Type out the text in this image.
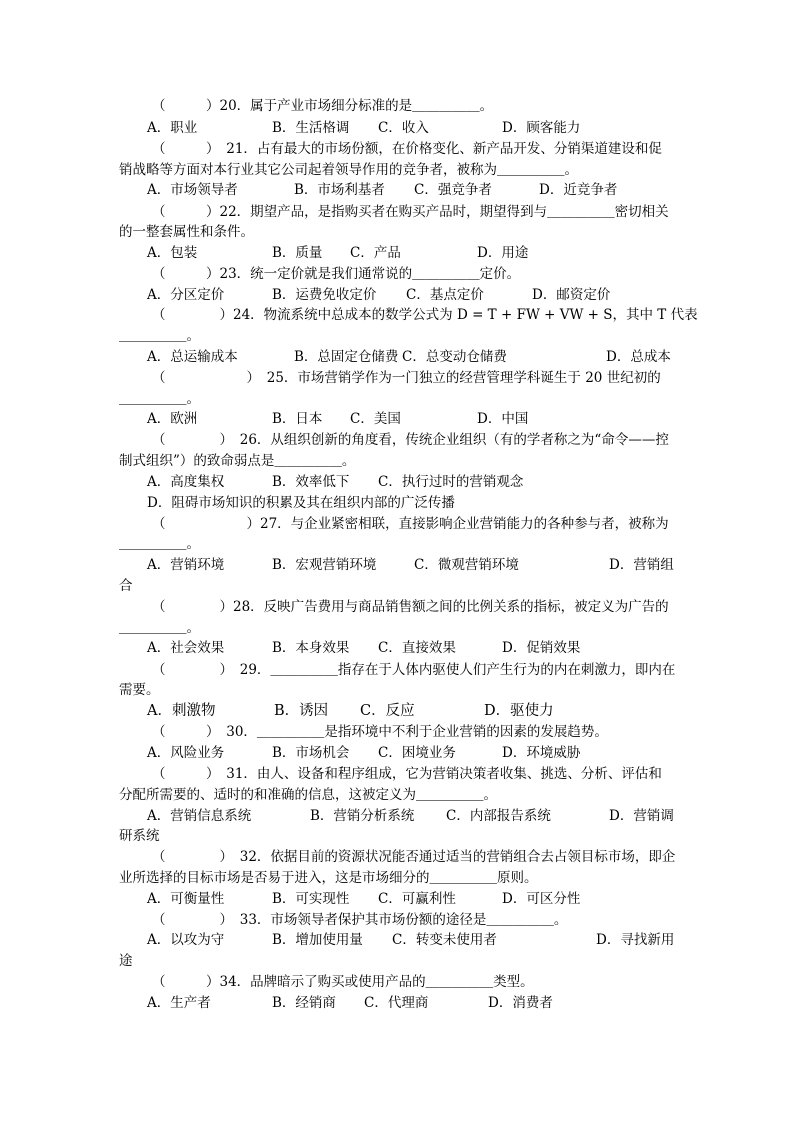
（　　　）20．属于产业市场细分标准的是＿＿＿＿＿。

A．职业

	B．生活格调

C．收入

	D．顾客能力

（　　　）　21．占有最大的市场份额，在价格变化、新产品开发、分销渠道建设和促
销战略等方面对本行业其它公司起着领导作用的竞争者，被称为＿＿＿＿＿。

A．市场领导者

	B．市场利基者

C．强竞争者

	D．近竞争者

（　　　）22．期望产品，是指购买者在购买产品时，期望得到与＿＿＿＿＿密切相关
的一整套属性和条件。

A．包装

	B．质量

C．产品

	D．用途

（　　　）23．统一定价就是我们通常说的＿＿＿＿＿定价。

A．分区定价

	B．运费免收定价

C．基点定价

	D．邮资定价

（　　　　）24．物流系统中总成本的数学公式为 D = T + FW + VW + S，其中 T 代表
＿＿＿＿＿。

A．总运输成本

	B．总固定仓储费

C．总变动仓储费

	D．总成本

（　　　　　　）　25．市场营销学作为一门独立的经营管理学科诞生于 20 世纪初的
＿＿＿＿＿。

A．欧洲

	B．日本

C．美国

	D．中国

（　　　　）　26．从组织创新的角度看，传统企业组织（有的学者称之为“命令——控
制式组织”）的致命弱点是＿＿＿＿＿。

A．高度集权

	B．效率低下

C．执行过时的营销观念

D．阻碍市场知识的积累及其在组织内部的广泛传播

（　　　　　　）27．与企业紧密相联，直接影响企业营销能力的各种参与者，被称为
＿＿＿＿＿。

A．营销环境

	B．宏观营销环境

	C．微观营销环境

	D．营销组

合

（　　　　）28．反映广告费用与商品销售额之间的比例关系的指标，被定义为广告的
＿＿＿＿＿。

A．社会效果

	B．本身效果

C．直接效果

	D．促销效果

（　　　　）　29．＿＿＿＿＿指存在于人体内驱使人们产生行为的内在刺激力，即内在
需要。

A．刺激物

	B．诱因

C．反应

	D．驱使力

（　　　）　30．＿＿＿＿＿是指环境中不利于企业营销的因素的发展趋势。

A．风险业务

	B．市场机会

C．困境业务

	D．环境威胁

（　　　）　31．由人、设备和程序组成，它为营销决策者收集、挑选、分析、评估和
分配所需要的、适时的和准确的信息，这被定义为＿＿＿＿＿。

A．营销信息系统

	B．营销分析系统

C．内部报告系统

	D．营销调

研系统

（　　　　）　32．依据目前的资源状况能否通过适当的营销组合去占领目标市场，即企
业所选择的目标市场是否易于进入，这是市场细分的＿＿＿＿＿原则。

A．可衡量性

	B．可实现性

C．可赢利性

	D．可区分性

（　　　　）　33．市场领导者保护其市场份额的途径是＿＿＿＿＿。

A．以攻为守

	B．增加使用量

C．转变未使用者

	D．寻找新用

途

（　　　）34．品牌暗示了购买或使用产品的＿＿＿＿＿类型。

A．生产者

	B．经销商

C．代理商

	D．消费者
